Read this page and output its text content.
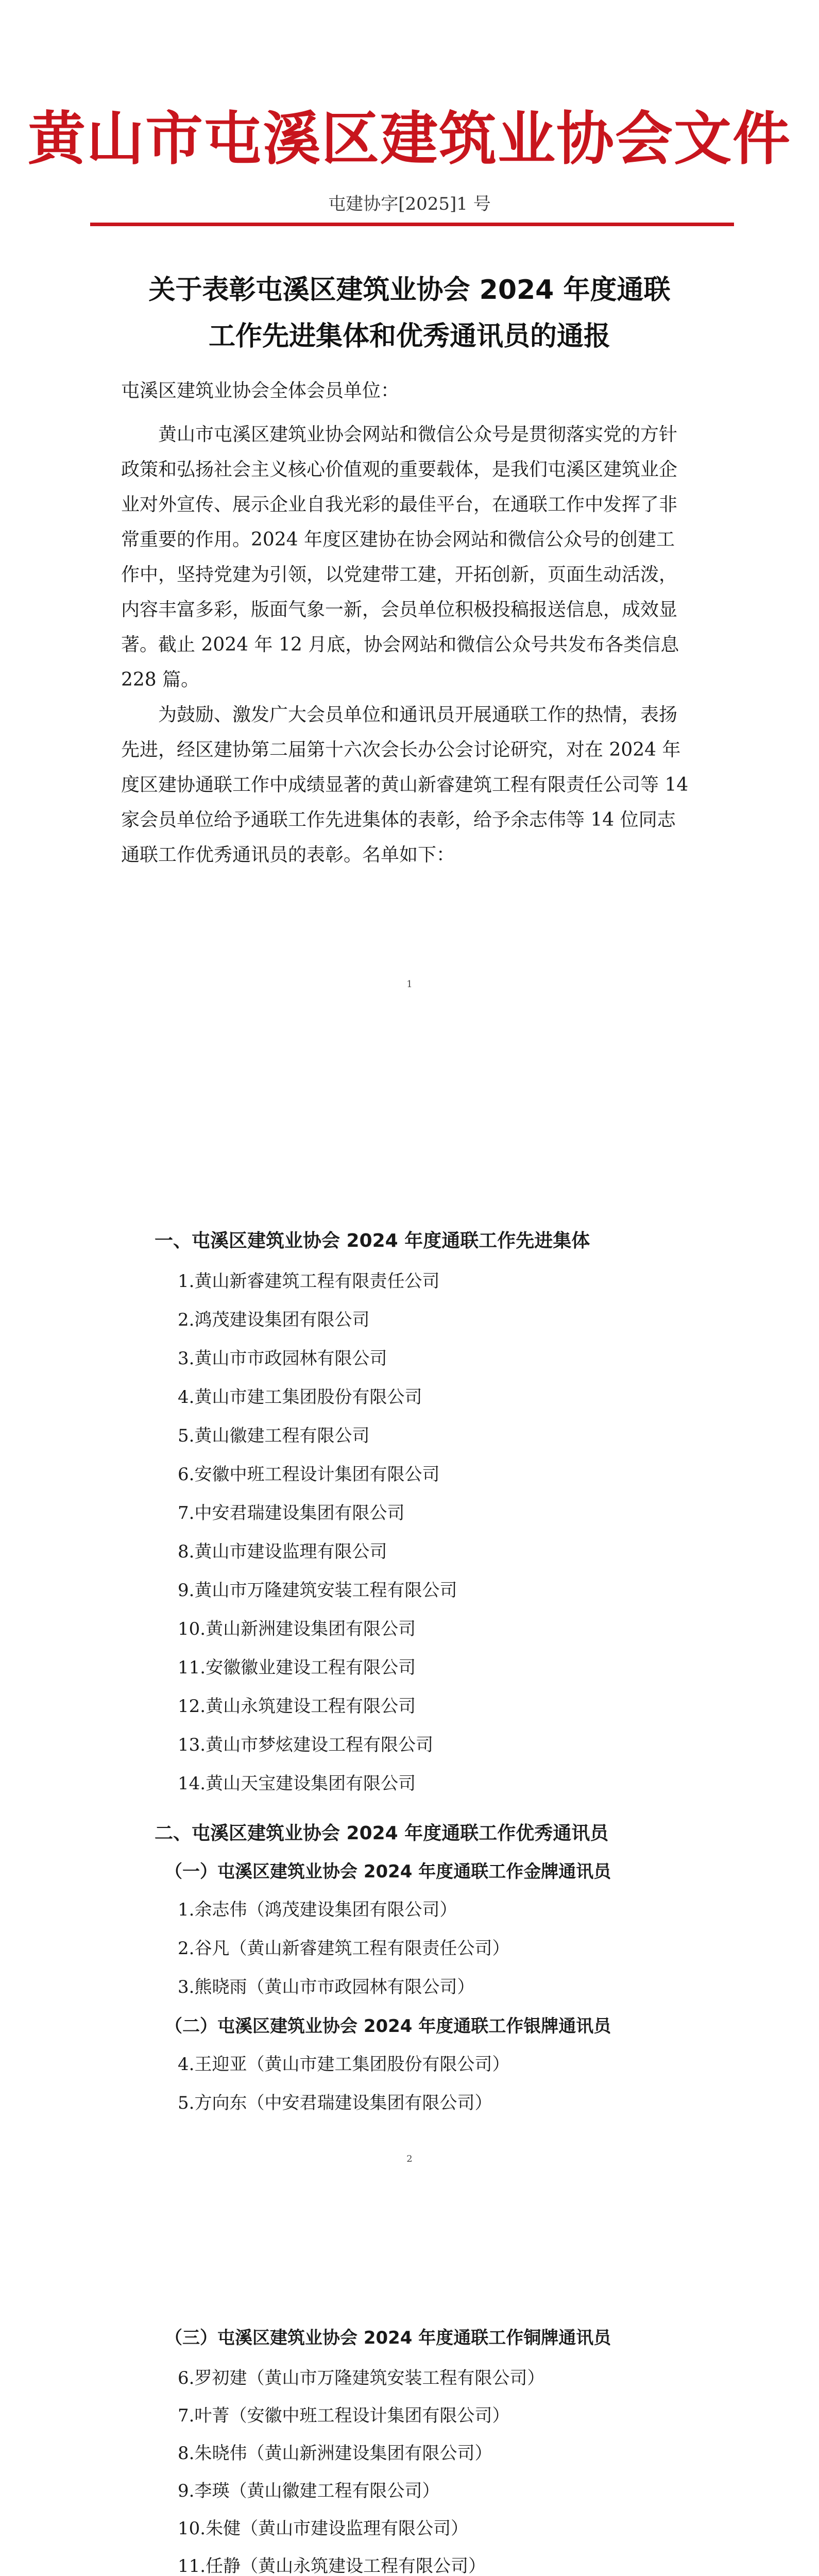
黄山市屯溪区建筑业协会文件
屯建协字[2025]1 号
关于表彰屯溪区建筑业协会 2024 年度通联
工作先进集体和优秀通讯员的通报
屯溪区建筑业协会全体会员单位：

黄山市屯溪区建筑业协会网站和微信公众号是贯彻落实党的方针政策和弘扬社会主义核心价值观的重要载体，是我们屯溪区建筑业企业对外宣传、展示企业自我光彩的最佳平台，在通联工作中发挥了非常重要的作用。2024 年度区建协在协会网站和微信公众号的创建工作中，坚持党建为引领，以党建带工建，开拓创新，页面生动活泼，内容丰富多彩，版面气象一新，会员单位积极投稿报送信息，成效显著。截止 2024 年 12 月底，协会网站和微信公众号共发布各类信息 228 篇。

为鼓励、激发广大会员单位和通讯员开展通联工作的热情，表扬先进，经区建协第二届第十六次会长办公会讨论研究，对在 2024 年度区建协通联工作中成绩显著的黄山新睿建筑工程有限责任公司等 14 家会员单位给予通联工作先进集体的表彰，给予余志伟等 14 位同志通联工作优秀通讯员的表彰。名单如下：

1
一、屯溪区建筑业协会 2024 年度通联工作先进集体
1.黄山新睿建筑工程有限责任公司
2.鸿茂建设集团有限公司
3.黄山市市政园林有限公司
4.黄山市建工集团股份有限公司
5.黄山徽建工程有限公司
6.安徽中班工程设计集团有限公司
7.中安君瑞建设集团有限公司
8.黄山市建设监理有限公司
9.黄山市万隆建筑安装工程有限公司
10.黄山新洲建设集团有限公司
11.安徽徽业建设工程有限公司
12.黄山永筑建设工程有限公司
13.黄山市梦炫建设工程有限公司
14.黄山天宝建设集团有限公司
二、屯溪区建筑业协会 2024 年度通联工作优秀通讯员
（一）屯溪区建筑业协会 2024 年度通联工作金牌通讯员
1.余志伟（鸿茂建设集团有限公司）
2.谷凡（黄山新睿建筑工程有限责任公司）
3.熊晓雨（黄山市市政园林有限公司）
（二）屯溪区建筑业协会 2024 年度通联工作银牌通讯员
4.王迎亚（黄山市建工集团股份有限公司）
5.方向东（中安君瑞建设集团有限公司）
2
（三）屯溪区建筑业协会 2024 年度通联工作铜牌通讯员
6.罗初建（黄山市万隆建筑安装工程有限公司）
7.叶菁（安徽中班工程设计集团有限公司）
8.朱晓伟（黄山新洲建设集团有限公司）
9.李瑛（黄山徽建工程有限公司）
10.朱健（黄山市建设监理有限公司）
11.任静（黄山永筑建设工程有限公司）
